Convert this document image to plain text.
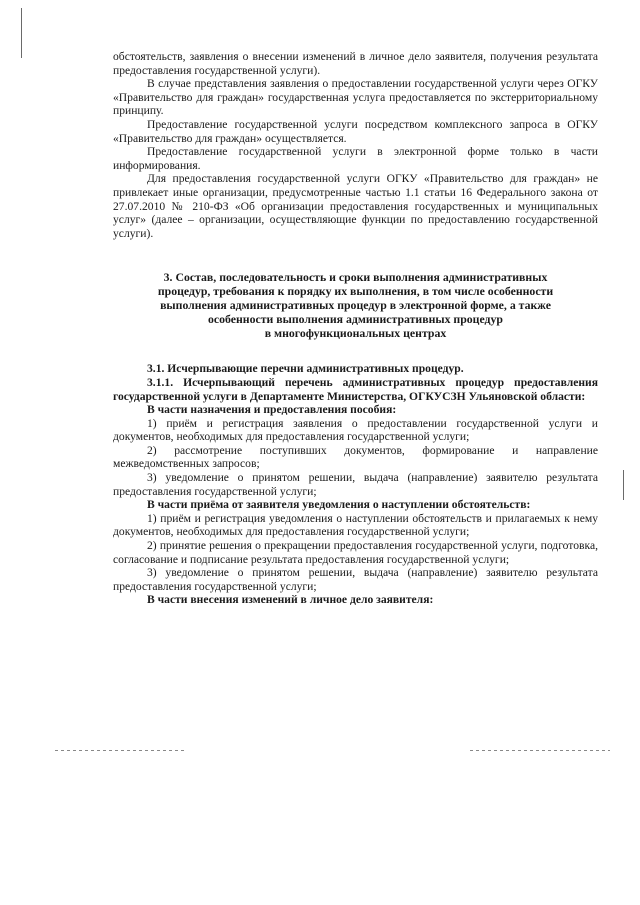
обстоятельств, заявления о внесении изменений в личное дело заявителя, получения результата предоставления государственной услуги).

В случае представления заявления о предоставлении государственной услуги через ОГКУ «Правительство для граждан» государственная услуга предоставляется по экстерриториальному принципу.

Предоставление государственной услуги посредством комплексного запроса в ОГКУ «Правительство для граждан» осуществляется.

Предоставление государственной услуги в электронной форме только в части информирования.

Для предоставления государственной услуги ОГКУ «Правительство для граждан» не привлекает иные организации, предусмотренные частью 1.1 статьи 16 Федерального закона от 27.07.2010 № 210-ФЗ «Об организации предоставления государственных и муниципальных услуг» (далее – организации, осуществляющие функции по предоставлению государственной услуги).

3. Состав, последовательность и сроки выполнения административных
процедур, требования к порядку их выполнения, в том числе особенности
выполнения административных процедур в электронной форме, а также
особенности выполнения административных процедур
в многофункциональных центрах

3.1. Исчерпывающие перечни административных процедур.

3.1.1. Исчерпывающий перечень административных процедур предоставления государственной услуги в Департаменте Министерства, ОГКУСЗН Ульяновской области:

В части назначения и предоставления пособия:

1) приём и регистрация заявления о предоставлении государственной услуги и документов, необходимых для предоставления государственной услуги;

2) рассмотрение поступивших документов, формирование и направление межведомственных запросов;

3) уведомление о принятом решении, выдача (направление) заявителю результата предоставления государственной услуги;

В части приёма от заявителя уведомления о наступлении обстоятельств:

1) приём и регистрация уведомления о наступлении обстоятельств и прилагаемых к нему документов, необходимых для предоставления государственной услуги;

2) принятие решения о прекращении предоставления государственной услуги, подготовка, согласование и подписание результата предоставления государственной услуги;

3) уведомление о принятом решении, выдача (направление) заявителю результата предоставления государственной услуги;

В части внесения изменений в личное дело заявителя:
